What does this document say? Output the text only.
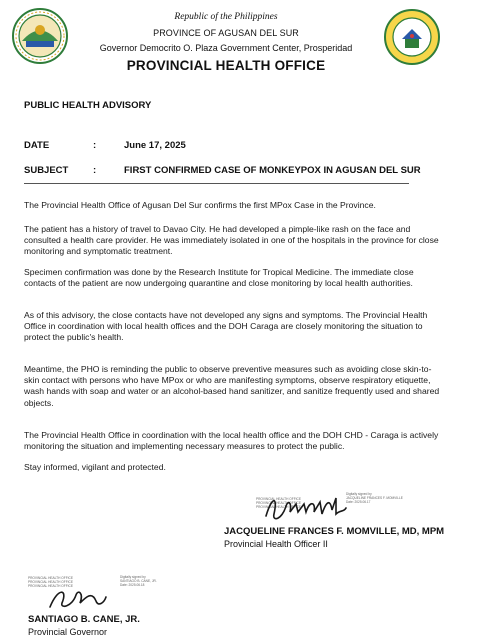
Republic of the Philippines
PROVINCE OF AGUSAN DEL SUR
Governor Democrito O. Plaza Government Center, Prosperidad
PROVINCIAL HEALTH OFFICE
PUBLIC HEALTH ADVISORY
DATE	:	June 17, 2025
SUBJECT	:	FIRST CONFIRMED CASE OF MONKEYPOX IN AGUSAN DEL SUR

The Provincial Health Office of Agusan Del Sur confirms the first MPox Case in the Province.

The patient has a history of travel to Davao City. He had developed a pimple-like rash on the face and consulted a health care provider. He was immediately isolated in one of the hospitals in the province for close monitoring and symptomatic treatment.

Specimen confirmation was done by the Research Institute for Tropical Medicine. The immediate close contacts of the patient are now undergoing quarantine and close monitoring by local health authorities.

As of this advisory, the close contacts have not developed any signs and symptoms. The Provincial Health Office in coordination with local health offices and the DOH Caraga are closely monitoring the situation to protect the public's health.

Meantime, the PHO is reminding the public to observe preventive measures such as avoiding close skin-to-skin contact with persons who have MPox or who are manifesting symptoms, observe respiratory etiquette, wash hands with soap and water or an alcohol-based hand sanitizer, and sanitize frequently used and shared objects.

The Provincial Health Office in coordination with the local health office and the DOH CHD - Caraga is actively monitoring the situation and implementing necessary measures to protect the public.

Stay informed, vigilant and protected.

PROVINCIAL HEALTH OFFICE
PROVINCIAL HEALTH OFFICE
PROVINCIAL HEALTH OFFICE
Digitally signed by
JACQUELINE FRANCES F. MOMVILLE
Date: 2025.06.17
JACQUELINE FRANCES F. MOMVILLE, MD, MPM
Provincial Health Officer II
PROVINCIAL HEALTH OFFICE
PROVINCIAL HEALTH OFFICE
PROVINCIAL HEALTH OFFICE
Digitally signed by
SANTIAGO B. CANE, JR.
Date: 2025.06.18
SANTIAGO B. CANE, JR.
Provincial Governor
